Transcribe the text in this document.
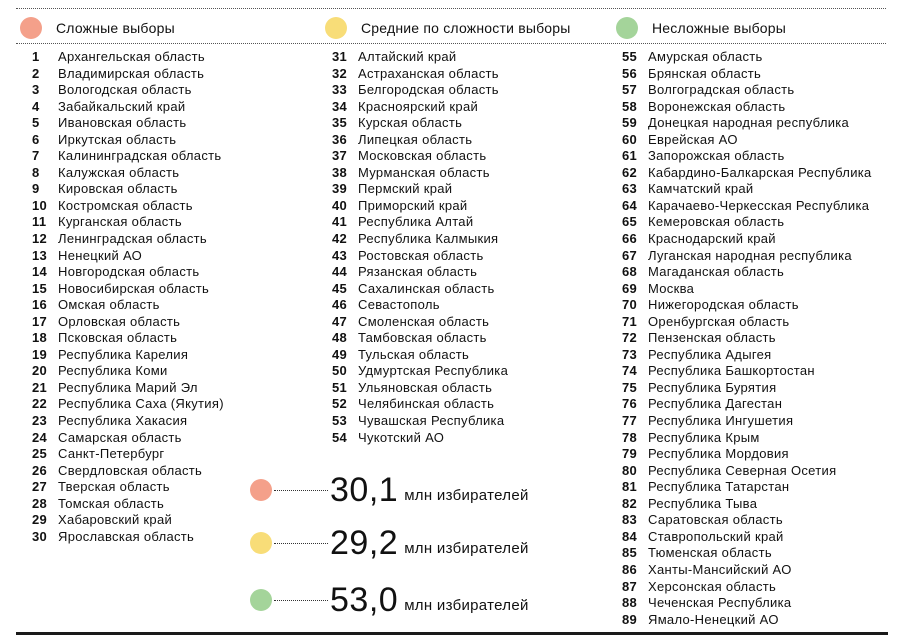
Сложные выборы	Средние по сложности выборы	Несложные выборы
1 Архангельская область
2 Владимирская область
3 Вологодская область
4 Забайкальский край
5 Ивановская область
6 Иркутская область
7 Калининградская область
8 Калужская область
9 Кировская область
10 Костромская область
11 Курганская область
12 Ленинградская область
13 Ненецкий АО
14 Новгородская область
15 Новосибирская область
16 Омская область
17 Орловская область
18 Псковская область
19 Республика Карелия
20 Республика Коми
21 Республика Марий Эл
22 Республика Саха (Якутия)
23 Республика Хакасия
24 Самарская область
25 Санкт-Петербург
26 Свердловская область
27 Тверская область
28 Томская область
29 Хабаровский край
30 Ярославская область
31 Алтайский край
32 Астраханская область
33 Белгородская область
34 Красноярский край
35 Курская область
36 Липецкая область
37 Московская область
38 Мурманская область
39 Пермский край
40 Приморский край
41 Республика Алтай
42 Республика Калмыкия
43 Ростовская область
44 Рязанская область
45 Сахалинская область
46 Севастополь
47 Смоленская область
48 Тамбовская область
49 Тульская область
50 Удмуртская Республика
51 Ульяновская область
52 Челябинская область
53 Чувашская Республика
54 Чукотский АО
55 Амурская область
56 Брянская область
57 Волгоградская область
58 Воронежская область
59 Донецкая народная республика
60 Еврейская АО
61 Запорожская область
62 Кабардино-Балкарская Республика
63 Камчатский край
64 Карачаево-Черкесская Республика
65 Кемеровская область
66 Краснодарский край
67 Луганская народная республика
68 Магаданская область
69 Москва
70 Нижегородская область
71 Оренбургская область
72 Пензенская область
73 Республика Адыгея
74 Республика Башкортостан
75 Республика Бурятия
76 Республика Дагестан
77 Республика Ингушетия
78 Республика Крым
79 Республика Мордовия
80 Республика Северная Осетия
81 Республика Татарстан
82 Республика Тыва
83 Саратовская область
84 Ставропольский край
85 Тюменская область
86 Ханты-Мансийский АО
87 Херсонская область
88 Чеченская Республика
89 Ямало-Ненецкий АО
30,1 млн избирателей
29,2 млн избирателей
53,0 млн избирателей
